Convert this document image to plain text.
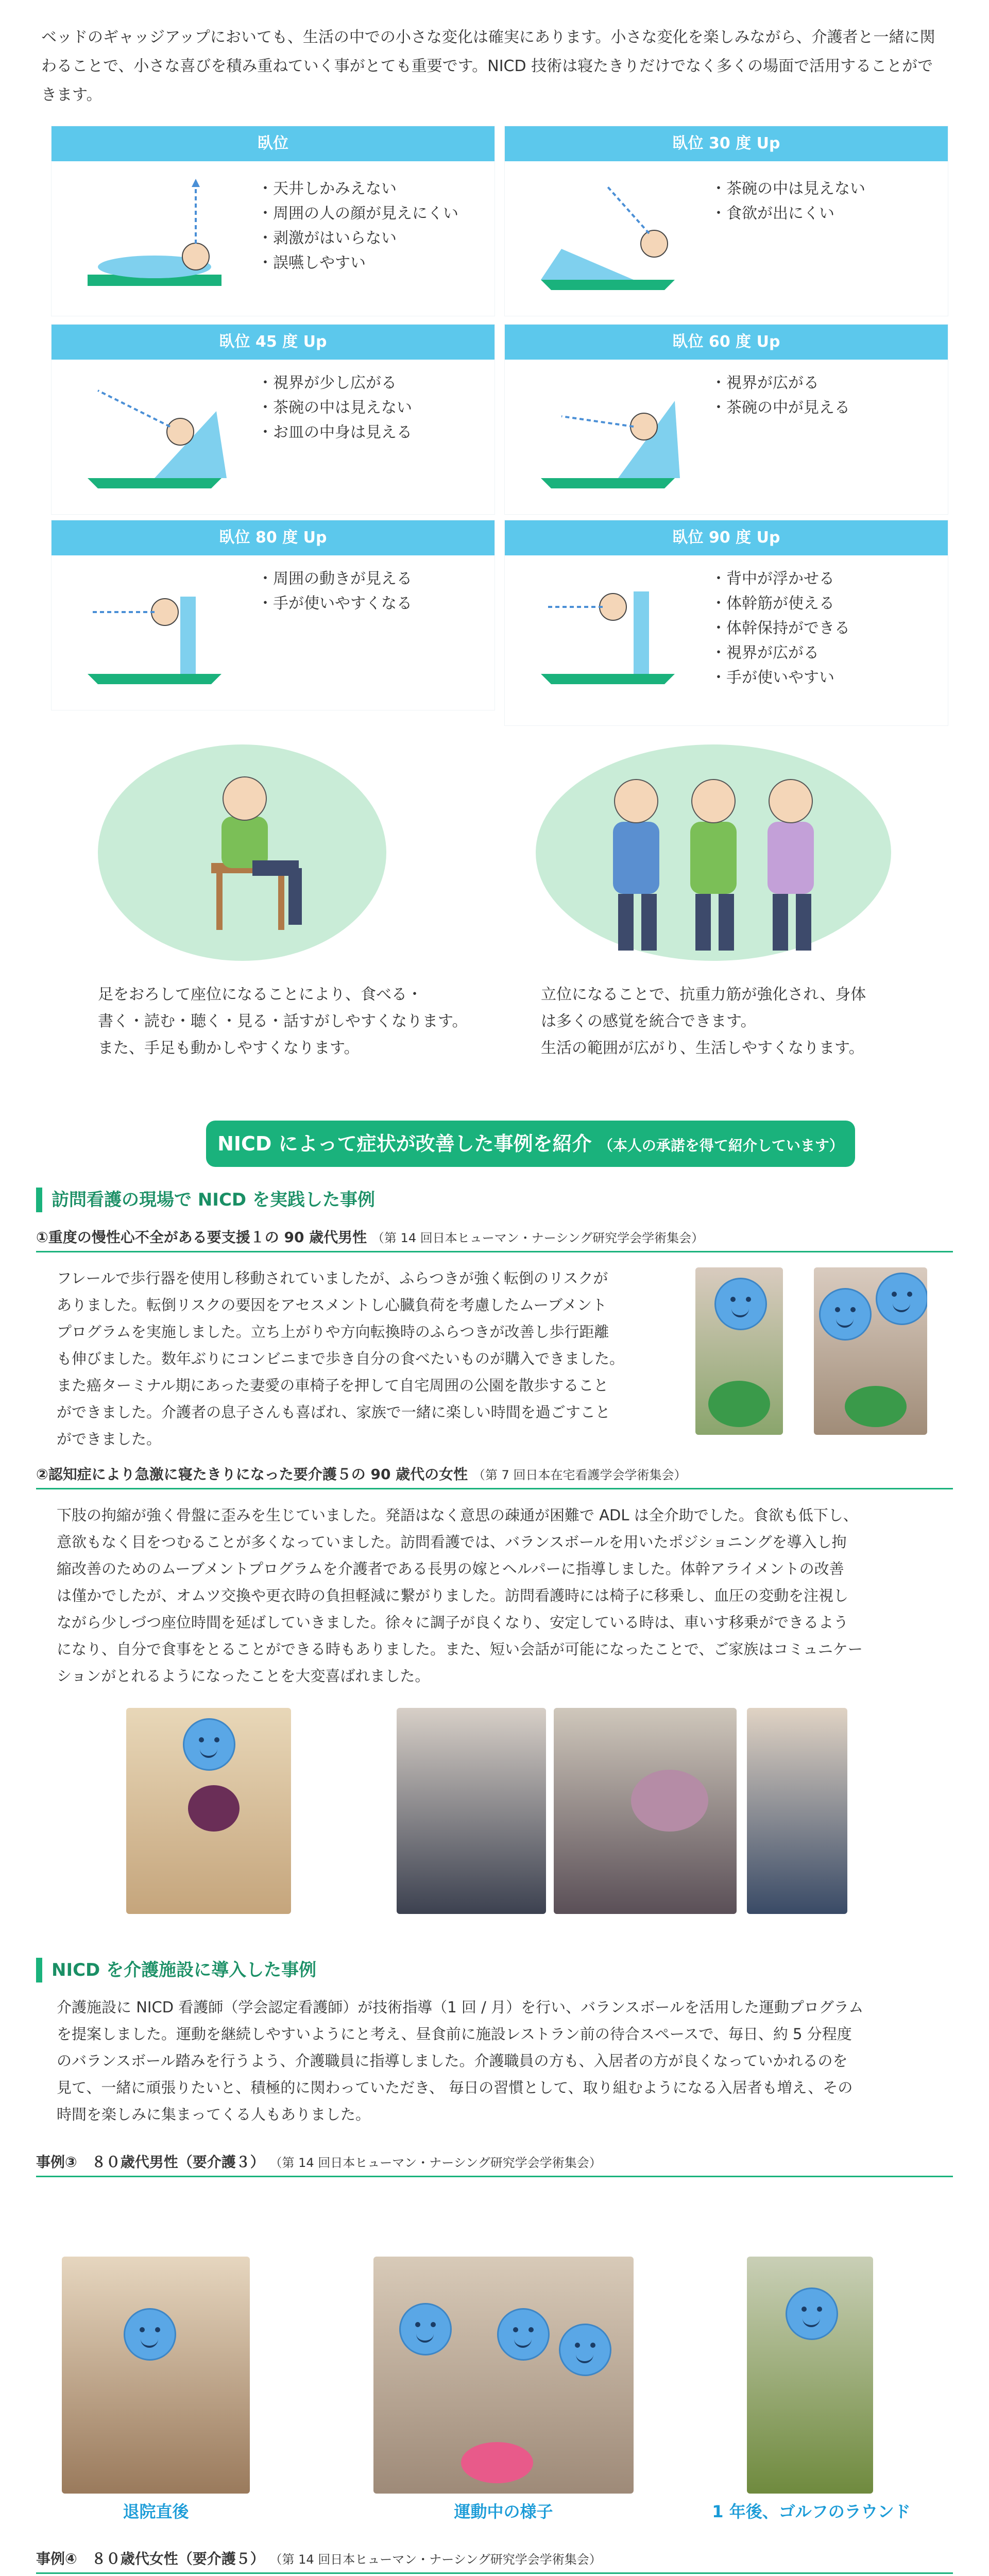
ベッドのギャッジアップにおいても、生活の中での小さな変化は確実にあります。小さな変化を楽しみながら、介護者と一緒に関わることで、小さな喜びを積み重ねていく事がとても重要です。NICD 技術は寝たきりだけでなく多くの場面で活用することができます。
臥位
・ 天井しかみえない
・ 周囲の人の顔が見えにくい
・ 剥激がはいらない
・ 誤嚥しやすい
臥位 30 度 Up
・ 茶碗の中は見えない
・ 食欲が出にくい
臥位 45 度 Up
・ 視界が少し広がる
・ 茶碗の中は見えない
・ お皿の中身は見える
臥位 60 度 Up
・ 視界が広がる
・ 茶碗の中が見える
臥位 80 度 Up
・ 周囲の動きが見える
・ 手が使いやすくなる
臥位 90 度 Up
・ 背中が浮かせる
・ 体幹筋が使える
・ 体幹保持ができる
・ 視界が広がる
・ 手が使いやすい
足をおろして座位になることにより、食べる・
書く・読む・聴く・見る・話すがしやすくなります。
また、手足も動かしやすくなります。
立位になることで、抗重力筋が強化され、身体
は多くの感覚を統合できます。
生活の範囲が広がり、生活しやすくなります。
NICD によって症状が改善した事例を紹介 （本人の承諾を得て紹介しています）
訪問看護の現場で NICD を実践した事例
①重度の慢性心不全がある要支援１の 90 歳代男性 （第 14 回日本ヒューマン・ナーシング研究学会学術集会）
フレールで歩行器を使用し移動されていましたが、ふらつきが強く転倒のリスクが
ありました。転倒リスクの要因をアセスメントし心臓負荷を考慮したムーブメント
プログラムを実施しました。立ち上がりや方向転換時のふらつきが改善し歩行距離
も伸びました。数年ぶりにコンビニまで歩き自分の食べたいものが購入できました。
また癌ターミナル期にあった妻愛の車椅子を押して自宅周囲の公園を散歩すること
ができました。介護者の息子さんも喜ばれ、家族で一緒に楽しい時間を過ごすこと
ができました。
②認知症により急激に寝たきりになった要介護５の 90 歳代の女性 （第 7 回日本在宅看護学会学術集会）
下肢の拘縮が強く骨盤に歪みを生じていました。発語はなく意思の疎通が困難で ADL は全介助でした。食欲も低下し、
意欲もなく目をつむることが多くなっていました。訪問看護では、バランスボールを用いたポジショニングを導入し拘
縮改善のためのムーブメントプログラムを介護者である長男の嫁とヘルパーに指導しました。体幹アライメントの改善
は僅かでしたが、オムツ交換や更衣時の負担軽減に繋がりました。訪問看護時には椅子に移乗し、血圧の変動を注視し
ながら少しづつ座位時間を延ばしていきました。徐々に調子が良くなり、安定している時は、車いす移乗ができるよう
になり、自分で食事をとることができる時もありました。また、短い会話が可能になったことで、ご家族はコミュニケー
ションがとれるようになったことを大変喜ばれました。
NICD を介護施設に導入した事例
介護施設に NICD 看護師（学会認定看護師）が技術指導（1 回 / 月）を行い、バランスボールを活用した運動プログラム
を提案しました。運動を継続しやすいようにと考え、昼食前に施設レストラン前の待合スペースで、毎日、約 5 分程度
のバランスボール踏みを行うよう、介護職員に指導しました。介護職員の方も、入居者の方が良くなっていかれるのを
見て、一緒に頑張りたいと、積極的に関わっていただき、 毎日の習慣として、取り組むようになる入居者も増え、その
時間を楽しみに集まってくる人もありました。
事例③　８０歳代男性（要介護３） （第 14 回日本ヒューマン・ナーシング研究学会学術集会）
退院直後	運動中の様子	1 年後、ゴルフのラウンド
事例④　８０歳代女性（要介護５） （第 14 回日本ヒューマン・ナーシング研究学会学術集会）
